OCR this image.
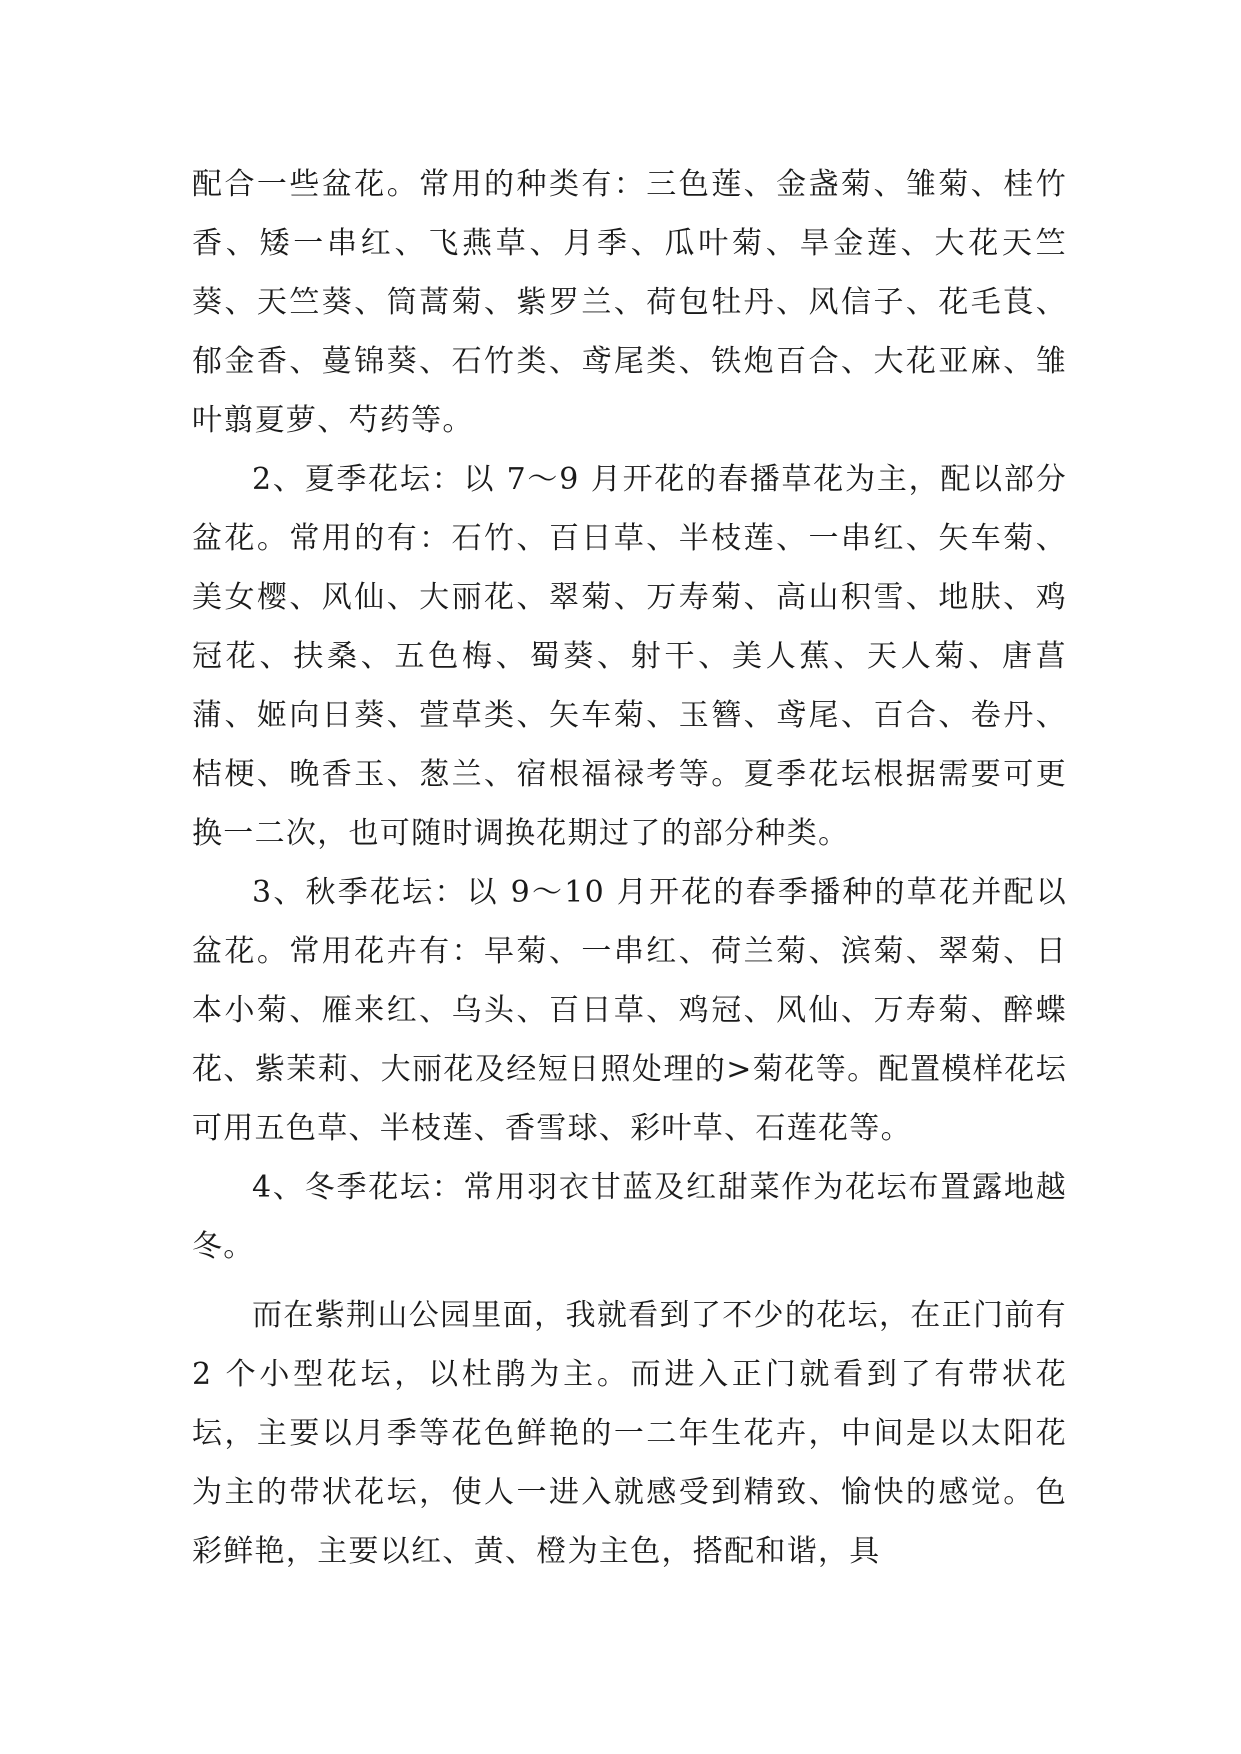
配合一些盆花。常用的种类有：三色莲、金盏菊、雏菊、桂竹香、矮一串红、飞燕草、月季、瓜叶菊、旱金莲、大花天竺葵、天竺葵、筒蒿菊、紫罗兰、荷包牡丹、风信子、花毛茛、郁金香、蔓锦葵、石竹类、鸢尾类、铁炮百合、大花亚麻、雏叶翦夏萝、芍药等。

2、夏季花坛：以 7～9 月开花的春播草花为主，配以部分盆花。常用的有：石竹、百日草、半枝莲、一串红、矢车菊、美女樱、风仙、大丽花、翠菊、万寿菊、高山积雪、地肤、鸡冠花、扶桑、五色梅、蜀葵、射干、美人蕉、天人菊、唐菖蒲、姬向日葵、萱草类、矢车菊、玉簪、鸢尾、百合、卷丹、桔梗、晚香玉、葱兰、宿根福禄考等。夏季花坛根据需要可更换一二次，也可随时调换花期过了的部分种类。

3、秋季花坛：以 9～10 月开花的春季播种的草花并配以盆花。常用花卉有：早菊、一串红、荷兰菊、滨菊、翠菊、日本小菊、雁来红、乌头、百日草、鸡冠、风仙、万寿菊、醉蝶花、紫茉莉、大丽花及经短日照处理的>菊花等。配置模样花坛可用五色草、半枝莲、香雪球、彩叶草、石莲花等。

4、冬季花坛：常用羽衣甘蓝及红甜菜作为花坛布置露地越冬。

而在紫荆山公园里面，我就看到了不少的花坛，在正门前有 2 个小型花坛，以杜鹃为主。而进入正门就看到了有带状花坛，主要以月季等花色鲜艳的一二年生花卉，中间是以太阳花为主的带状花坛，使人一进入就感受到精致、愉快的感觉。色彩鲜艳，主要以红、黄、橙为主色，搭配和谐，具
